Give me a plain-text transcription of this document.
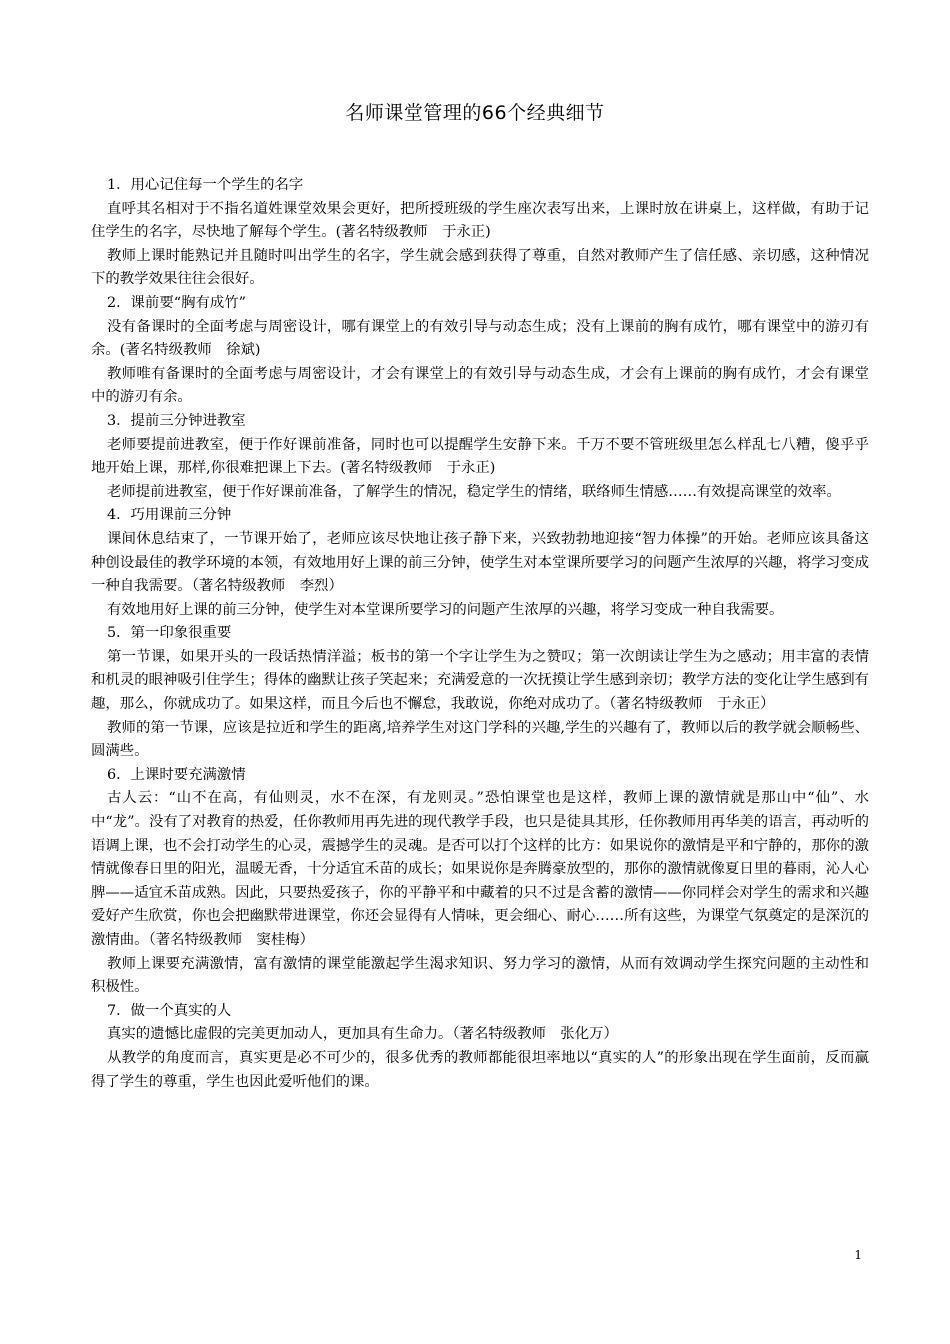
名师课堂管理的66个经典细节

1．用心记住每一个学生的名字

直呼其名相对于不指名道姓课堂效果会更好，把所授班级的学生座次表写出来，上课时放在讲桌上，这样做，有助于记住学生的名字，尽快地了解每个学生。(著名特级教师　于永正)

教师上课时能熟记并且随时叫出学生的名字，学生就会感到获得了尊重，自然对教师产生了信任感、亲切感，这种情况下的教学效果往往会很好。

2．课前要“胸有成竹”

没有备课时的全面考虑与周密设计，哪有课堂上的有效引导与动态生成；没有上课前的胸有成竹，哪有课堂中的游刃有余。(著名特级教师　徐斌)

教师唯有备课时的全面考虑与周密设计，才会有课堂上的有效引导与动态生成，才会有上课前的胸有成竹，才会有课堂中的游刃有余。

3．提前三分钟进教室

老师要提前进教室，便于作好课前准备，同时也可以提醒学生安静下来。千万不要不管班级里怎么样乱七八糟，傻乎乎地开始上课，那样,你很难把课上下去。(著名特级教师　于永正)

老师提前进教室，便于作好课前准备，了解学生的情况，稳定学生的情绪，联络师生情感……有效提高课堂的效率。

4．巧用课前三分钟

课间休息结束了，一节课开始了，老师应该尽快地让孩子静下来，兴致勃勃地迎接“智力体操”的开始。老师应该具备这种创设最佳的教学环境的本领，有效地用好上课的前三分钟，使学生对本堂课所要学习的问题产生浓厚的兴趣，将学习变成一种自我需要。（著名特级教师　李烈）

有效地用好上课的前三分钟，使学生对本堂课所要学习的问题产生浓厚的兴趣，将学习变成一种自我需要。

5．第一印象很重要

第一节课，如果开头的一段话热情洋溢；板书的第一个字让学生为之赞叹；第一次朗读让学生为之感动；用丰富的表情和机灵的眼神吸引住学生；得体的幽默让孩子笑起来；充满爱意的一次抚摸让学生感到亲切；教学方法的变化让学生感到有趣，那么，你就成功了。如果这样，而且今后也不懈怠，我敢说，你绝对成功了。（著名特级教师　于永正）

教师的第一节课，应该是拉近和学生的距离,培养学生对这门学科的兴趣,学生的兴趣有了，教师以后的教学就会顺畅些、圆满些。

6．上课时要充满激情

古人云：“山不在高，有仙则灵，水不在深，有龙则灵。”恐怕课堂也是这样，教师上课的激情就是那山中“仙”、水中“龙”。没有了对教育的热爱，任你教师用再先进的现代教学手段，也只是徒具其形，任你教师用再华美的语言，再动听的语调上课，也不会打动学生的心灵，震撼学生的灵魂。是否可以打个这样的比方：如果说你的激情是平和宁静的，那你的激情就像春日里的阳光，温暖无香，十分适宜禾苗的成长；如果说你是奔腾豪放型的，那你的激情就像夏日里的暮雨，沁人心脾——适宜禾苗成熟。因此，只要热爱孩子，你的平静平和中藏着的只不过是含蓄的激情——你同样会对学生的需求和兴趣爱好产生欣赏，你也会把幽默带进课堂，你还会显得有人情味，更会细心、耐心……所有这些，为课堂气氛奠定的是深沉的激情曲。（著名特级教师　窦桂梅）

教师上课要充满激情，富有激情的课堂能激起学生渴求知识、努力学习的激情，从而有效调动学生探究问题的主动性和积极性。

7．做一个真实的人

真实的遗憾比虚假的完美更加动人，更加具有生命力。（著名特级教师　张化万）

从教学的角度而言，真实更是必不可少的，很多优秀的教师都能很坦率地以“真实的人”的形象出现在学生面前，反而赢得了学生的尊重，学生也因此爱听他们的课。

1
